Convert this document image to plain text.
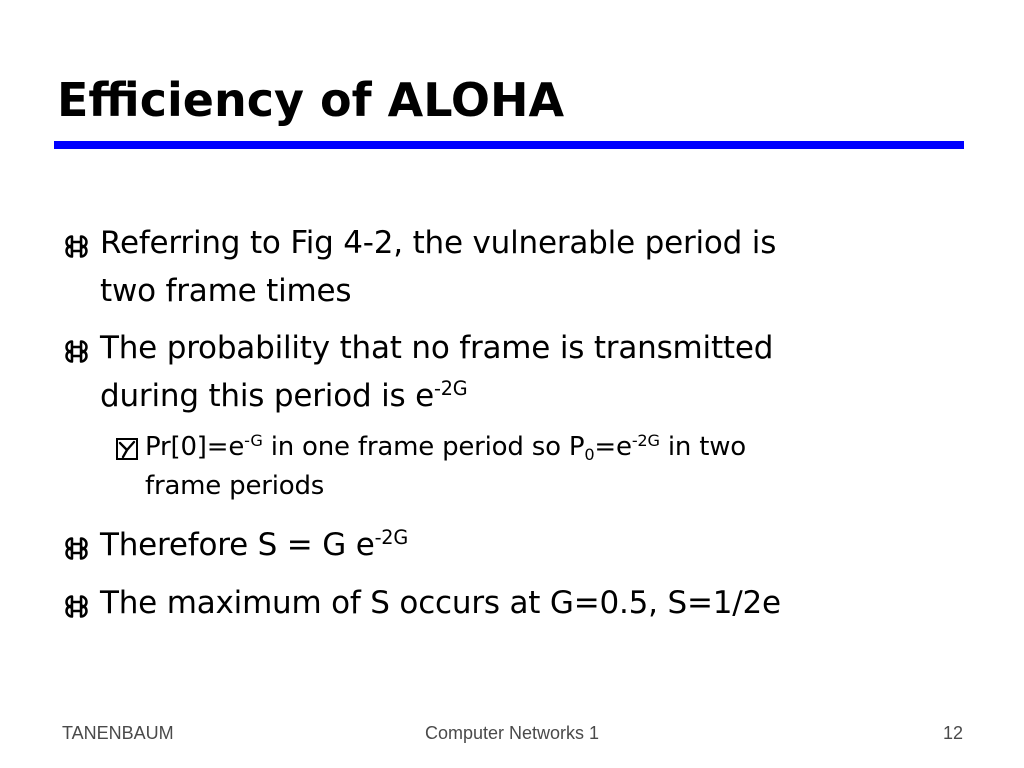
Efficiency of ALOHA
Referring to Fig 4-2, the vulnerable period is
two frame times
The probability that no frame is transmitted
during this period is $e^{-2G}$
$Pr[0]=e^{-G}$ in one frame period so $P0=e^{-2G}$ in two
frame periods
Therefore S = G $e^{-2G}$
The maximum of S occurs at G=0.5, S=1/2e

TANENBAUM	Computer Networks 1	12
